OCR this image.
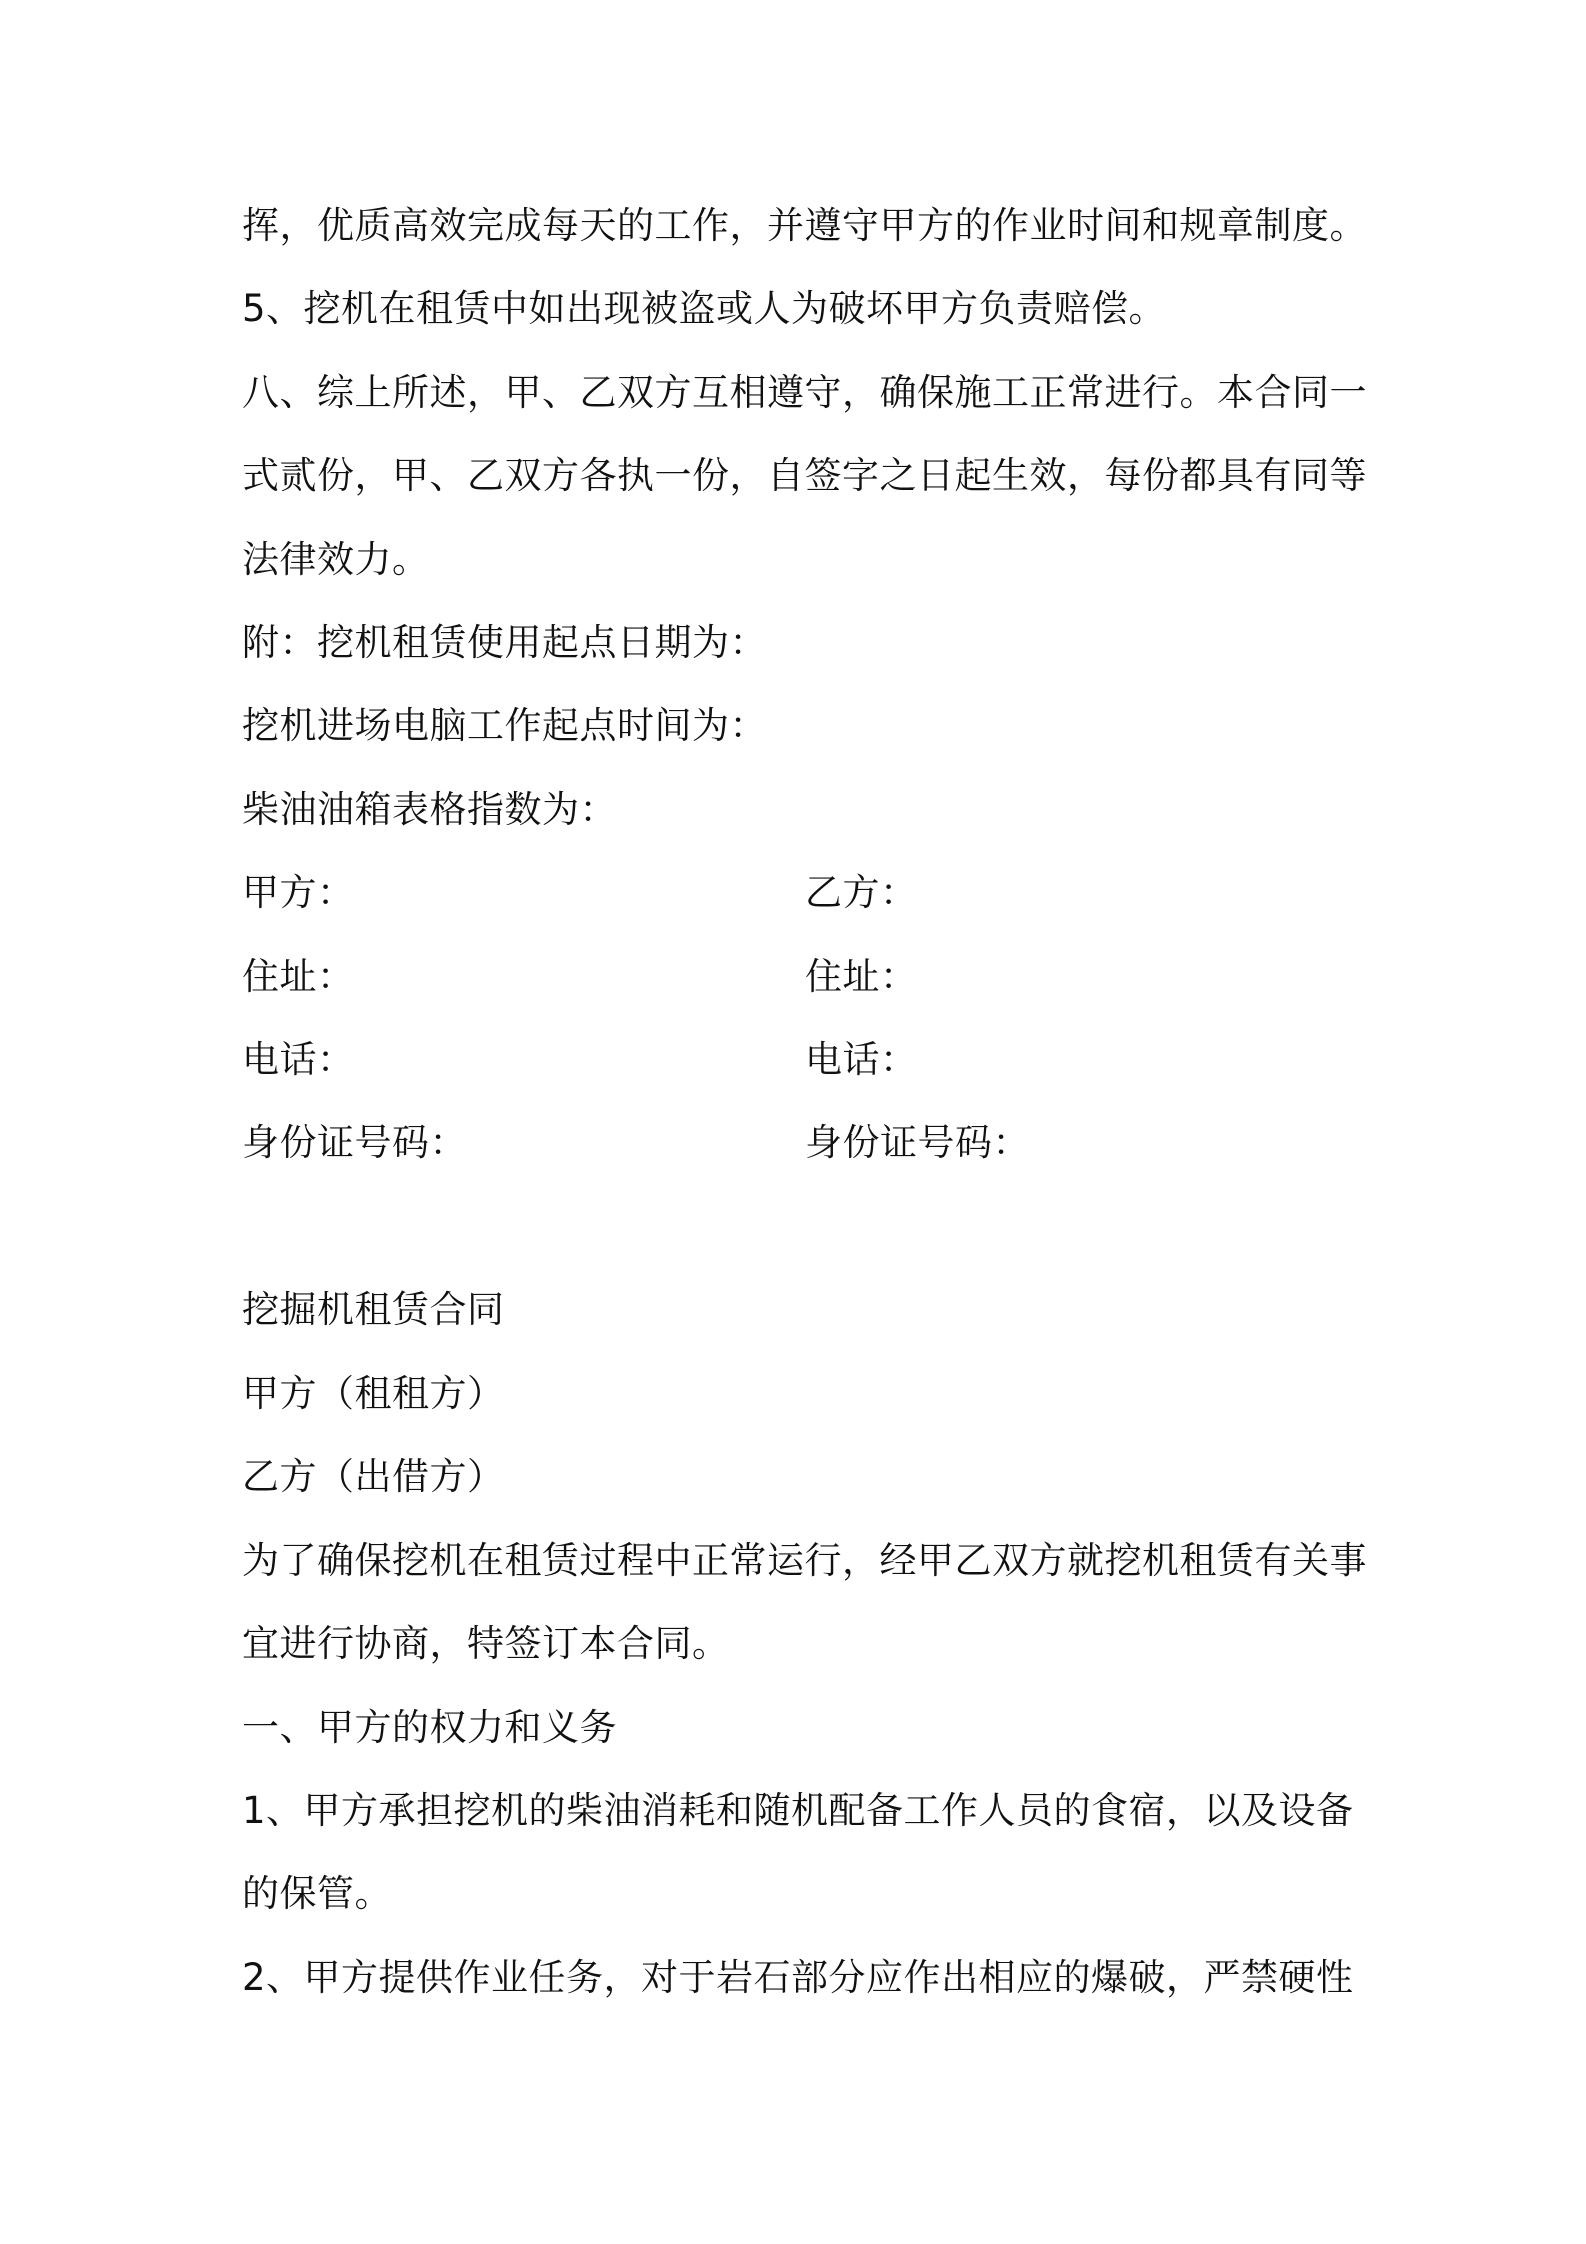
挥，优质高效完成每天的工作，并遵守甲方的作业时间和规章制度。
5、挖机在租赁中如出现被盗或人为破坏甲方负责赔偿。
八、综上所述，甲、乙双方互相遵守，确保施工正常进行。本合同一
式贰份，甲、乙双方各执一份，自签字之日起生效，每份都具有同等
法律效力。
附：挖机租赁使用起点日期为：
挖机进场电脑工作起点时间为：
柴油油箱表格指数为：
甲方：	乙方：
住址：	住址：
电话：	电话：
身份证号码：	身份证号码：
挖掘机租赁合同
甲方（租租方）
乙方（出借方）
为了确保挖机在租赁过程中正常运行，经甲乙双方就挖机租赁有关事
宜进行协商，特签订本合同。
一、甲方的权力和义务
1、甲方承担挖机的柴油消耗和随机配备工作人员的食宿，以及设备
的保管。
2、甲方提供作业任务，对于岩石部分应作出相应的爆破，严禁硬性
